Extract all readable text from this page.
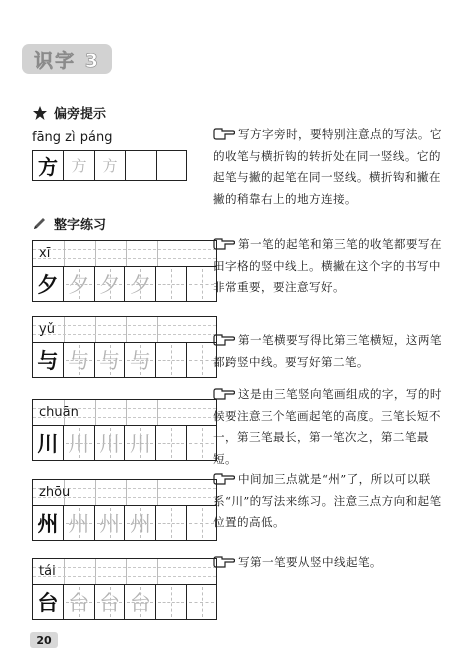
识字 3
偏旁提示
fāng zì páng
方 方	方
整字练习
xī
夕 夕 夕 夕
yǔ
与 与 与 与
chuān
川 川 川 川
zhōu
州 州 州 州
tái
台 台 台 台
写方字旁时，要特别注意点的写法。它的收笔与横折钩的转折处在同一竖线。它的起笔与撇的起笔在同一竖线。横折钩和撇在撇的稍靠右上的地方连接。
第一笔的起笔和第三笔的收笔都要写在田字格的竖中线上。横撇在这个字的书写中非常重要，要注意写好。
第一笔横要写得比第三笔横短，这两笔都跨竖中线。要写好第二笔。
这是由三笔竖向笔画组成的字，写的时候要注意三个笔画起笔的高度。三笔长短不一，第三笔最长，第一笔次之，第二笔最短。
中间加三点就是“州”了，所以可以联系“川”的写法来练习。注意三点方向和起笔位置的高低。
写第一笔要从竖中线起笔。
20
